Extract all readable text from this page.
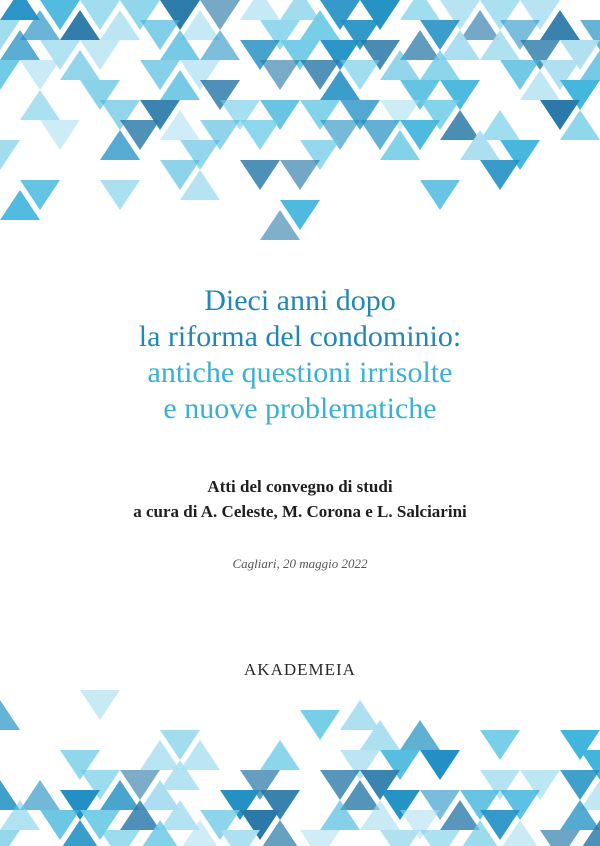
Dieci anni dopo
la riforma del condominio:
antiche questioni irrisolte
e nuove problematiche
Atti del convegno di studi
a cura di A. Celeste, M. Corona e L. Salciarini
Cagliari, 20 maggio 2022
AKADEMEIA
